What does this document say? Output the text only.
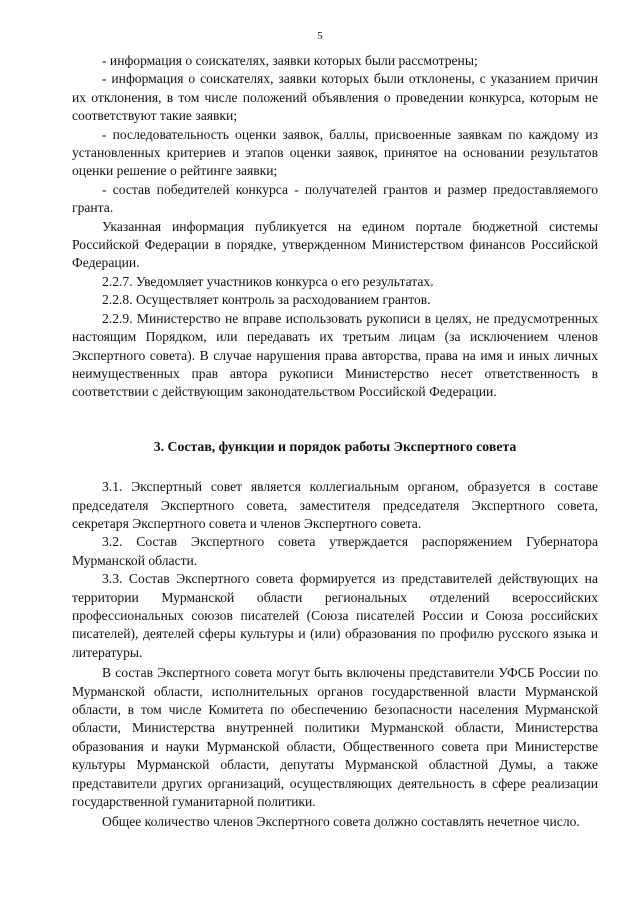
5

- информация о соискателях, заявки которых были рассмотрены;

- информация о соискателях, заявки которых были отклонены, с указанием причин их отклонения, в том числе положений объявления о проведении конкурса, которым не соответствуют такие заявки;

- последовательность оценки заявок, баллы, присвоенные заявкам по каждому из установленных критериев и этапов оценки заявок, принятое на основании результатов оценки решение о рейтинге заявки;

- состав победителей конкурса - получателей грантов и размер предоставляемого гранта.

Указанная информация публикуется на едином портале бюджетной системы Российской Федерации в порядке, утвержденном Министерством финансов Российской Федерации.

2.2.7. Уведомляет участников конкурса о его результатах.

2.2.8. Осуществляет контроль за расходованием грантов.

2.2.9. Министерство не вправе использовать рукописи в целях, не предусмотренных настоящим Порядком, или передавать их третьим лицам (за исключением членов Экспертного совета). В случае нарушения права авторства, права на имя и иных личных неимущественных прав автора рукописи Министерство несет ответственность в соответствии с действующим законодательством Российской Федерации.

3. Состав, функции и порядок работы Экспертного совета

3.1. Экспертный совет является коллегиальным органом, образуется в составе председателя Экспертного совета, заместителя председателя Экспертного совета, секретаря Экспертного совета и членов Экспертного совета.

3.2. Состав Экспертного совета утверждается распоряжением Губернатора Мурманской области.

3.3. Состав Экспертного совета формируется из представителей действующих на территории Мурманской области региональных отделений всероссийских профессиональных союзов писателей (Союза писателей России и Союза российских писателей), деятелей сферы культуры и (или) образования по профилю русского языка и литературы.

В состав Экспертного совета могут быть включены представители УФСБ России по Мурманской области, исполнительных органов государственной власти Мурманской области, в том числе Комитета по обеспечению безопасности населения Мурманской области, Министерства внутренней политики Мурманской области, Министерства образования и науки Мурманской области, Общественного совета при Министерстве культуры Мурманской области, депутаты Мурманской областной Думы, а также представители других организаций, осуществляющих деятельность в сфере реализации государственной гуманитарной политики.

Общее количество членов Экспертного совета должно составлять нечетное число.
